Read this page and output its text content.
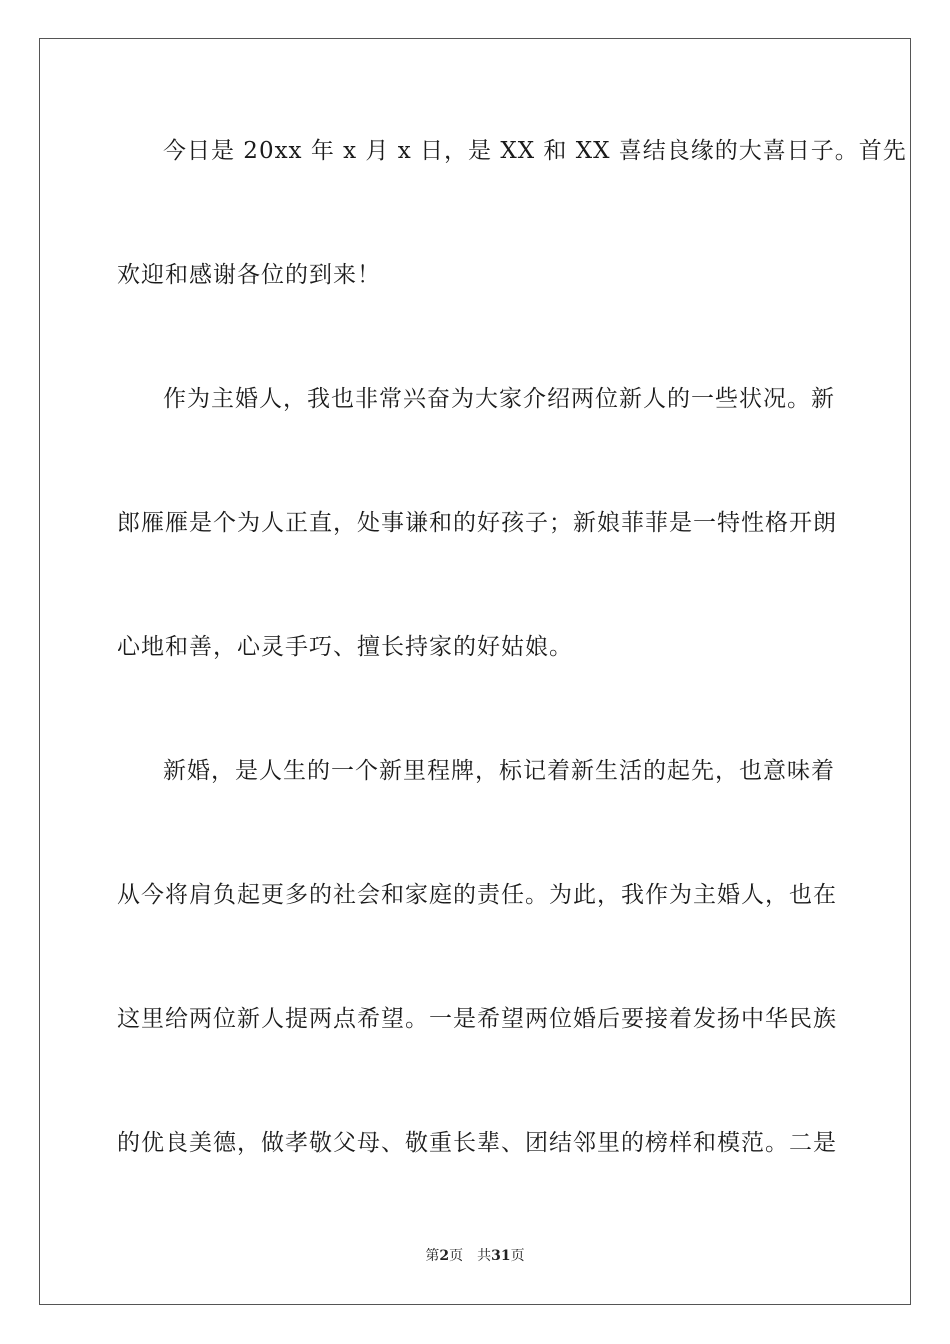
今日是 20xx 年 x 月 x 日，是 XX 和 XX 喜结良缘的大喜日子。首先
欢迎和感谢各位的到来！
作为主婚人，我也非常兴奋为大家介绍两位新人的一些状况。新
郎雁雁是个为人正直，处事谦和的好孩子；新娘菲菲是一特性格开朗
心地和善，心灵手巧、擅长持家的好姑娘。
新婚，是人生的一个新里程牌，标记着新生活的起先，也意味着
从今将肩负起更多的社会和家庭的责任。为此，我作为主婚人，也在
这里给两位新人提两点希望。一是希望两位婚后要接着发扬中华民族
的优良美德，做孝敬父母、敬重长辈、团结邻里的榜样和模范。二是
第2页 共31页
